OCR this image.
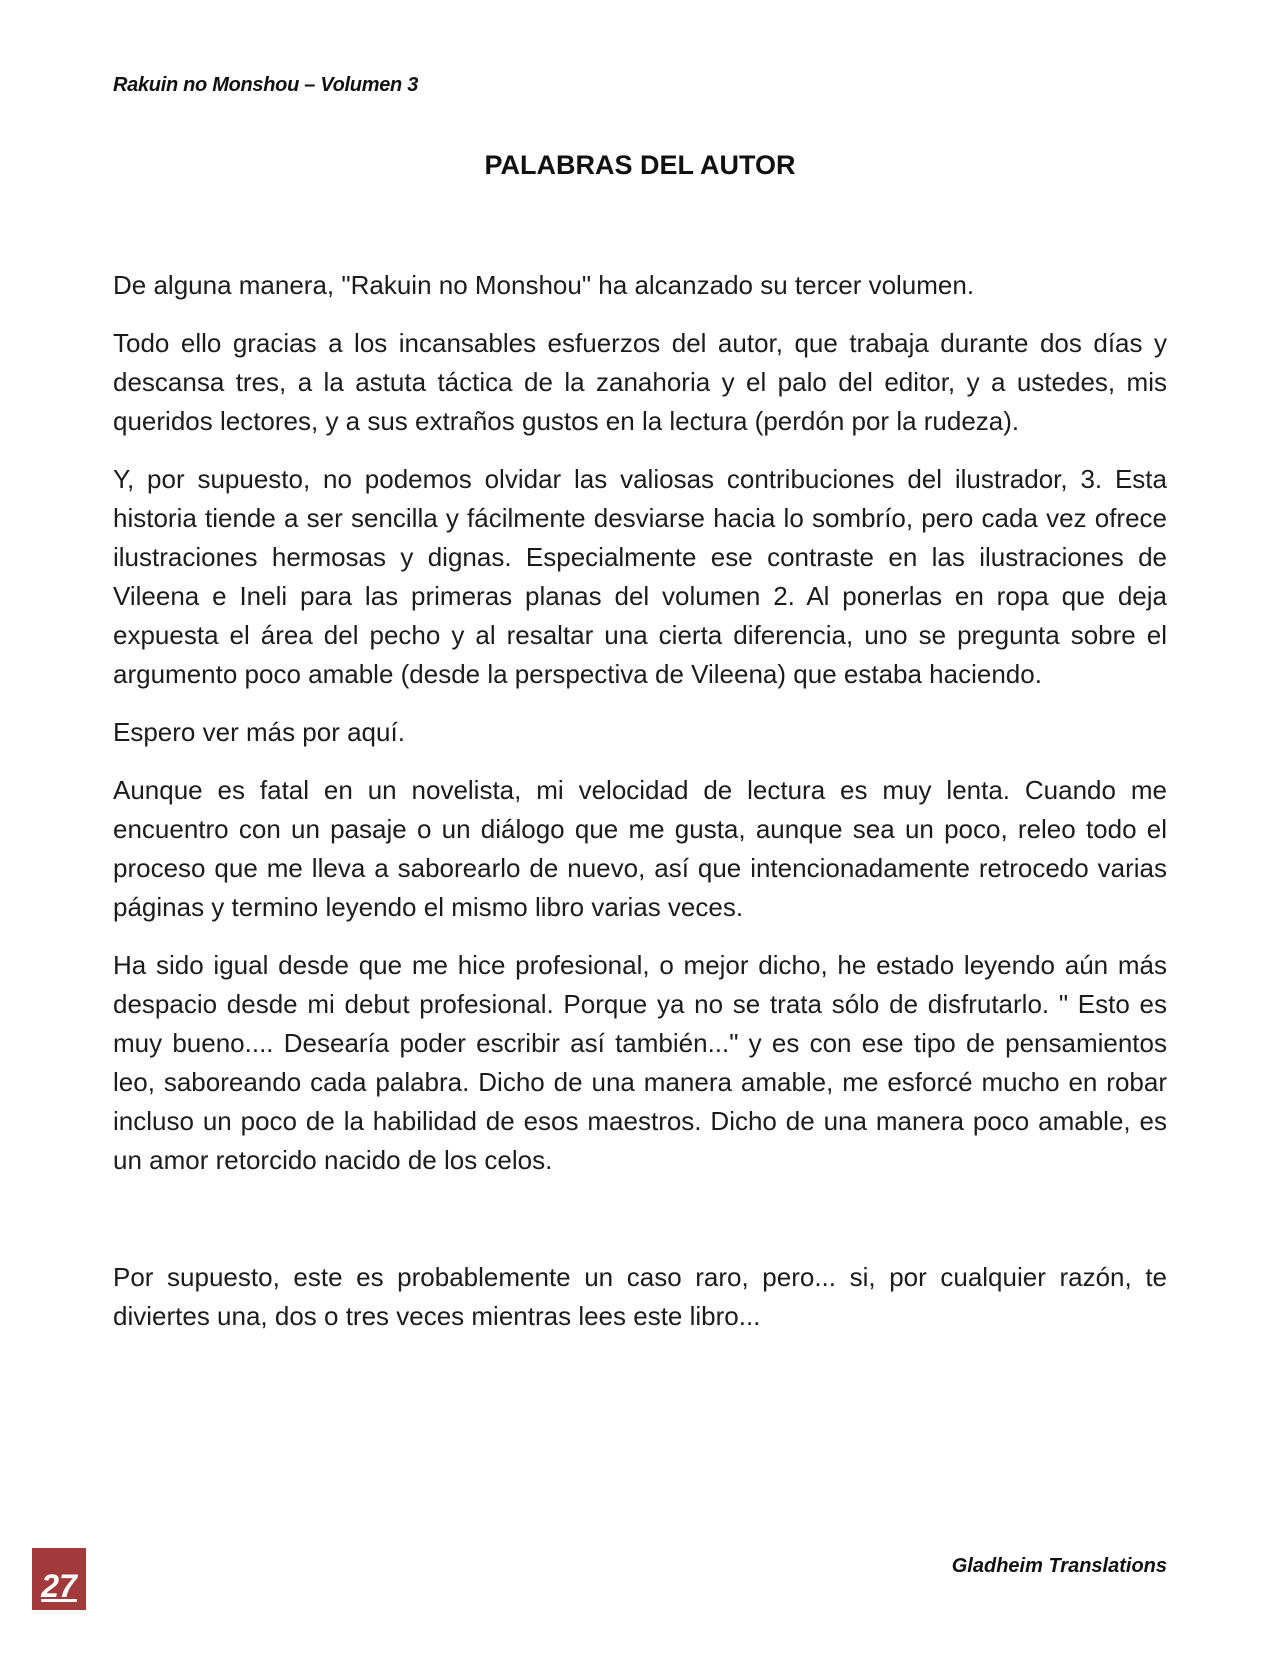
Rakuin no Monshou – Volumen 3
PALABRAS DEL AUTOR

De alguna manera, "Rakuin no Monshou" ha alcanzado su tercer volumen.

Todo ello gracias a los incansables esfuerzos del autor, que trabaja durante dos días y descansa tres, a la astuta táctica de la zanahoria y el palo del editor, y a ustedes, mis queridos lectores, y a sus extraños gustos en la lectura (perdón por la rudeza).

Y, por supuesto, no podemos olvidar las valiosas contribuciones del ilustrador, 3. Esta historia tiende a ser sencilla y fácilmente desviarse hacia lo sombrío, pero cada vez ofrece ilustraciones hermosas y dignas. Especialmente ese contraste en las ilustraciones de Vileena e Ineli para las primeras planas del volumen 2. Al ponerlas en ropa que deja expuesta el área del pecho y al resaltar una cierta diferencia, uno se pregunta sobre el argumento poco amable (desde la perspectiva de Vileena) que estaba haciendo.

Espero ver más por aquí.

Aunque es fatal en un novelista, mi velocidad de lectura es muy lenta. Cuando me encuentro con un pasaje o un diálogo que me gusta, aunque sea un poco, releo todo el proceso que me lleva a saborearlo de nuevo, así que intencionadamente retrocedo varias páginas y termino leyendo el mismo libro varias veces.

Ha sido igual desde que me hice profesional, o mejor dicho, he estado leyendo aún más despacio desde mi debut profesional. Porque ya no se trata sólo de disfrutarlo. " Esto es muy bueno.... Desearía poder escribir así también..." y es con ese tipo de pensamientos leo, saboreando cada palabra. Dicho de una manera amable, me esforcé mucho en robar incluso un poco de la habilidad de esos maestros. Dicho de una manera poco amable, es un amor retorcido nacido de los celos.

Por supuesto, este es probablemente un caso raro, pero... si, por cualquier razón, te diviertes una, dos o tres veces mientras lees este libro...

27
Gladheim Translations
